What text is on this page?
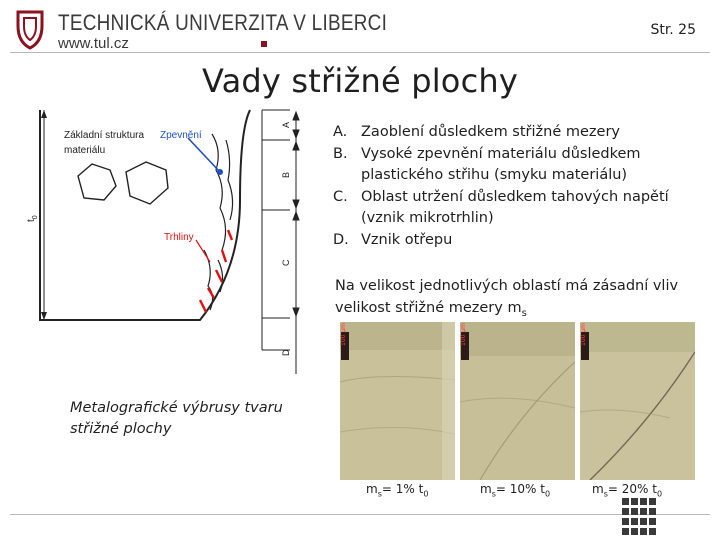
TECHNICKÁ UNIVERZITA V LIBERCI
www.tul.cz
Str. 25
Vady střižné plochy
Základní struktura
materiálu
Zpevnění
Trhliny
$t_0$
A
B
C
D
A. Zaoblení důsledkem střižné mezery
B. Vysoké zpevnění materiálu důsledkem plastického střihu (smyku materiálu)
C. Oblast utržení důsledkem tahových napětí (vznik mikrotrhlin)
D. Vznik otřepu
Na velikost jednotlivých oblastí má zásadní vliv velikost střižné mezery $m_s$
100 μm	100 μm	100 μm
Metalografické výbrusy tvaru
střižné plochy
$m_s= 1\%$ $t_0$	$m_s= 10\%$ $t_0$	$m_s= 20\%$ $t_0$
